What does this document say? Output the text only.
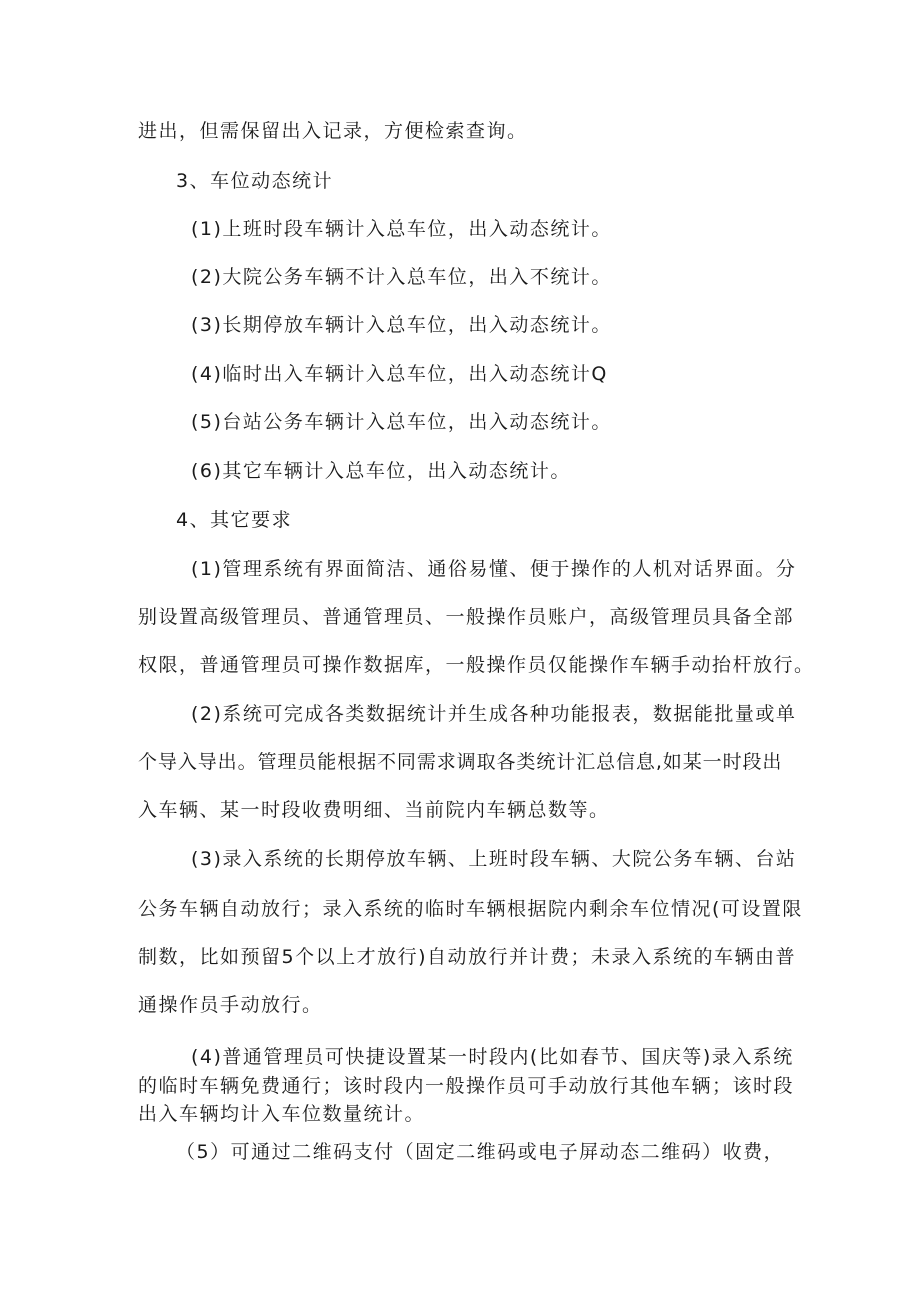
进出，但需保留出入记录，方便检索查询。
3、车位动态统计
(1)上班时段车辆计入总车位，出入动态统计。
(2)大院公务车辆不计入总车位，出入不统计。
(3)长期停放车辆计入总车位，出入动态统计。
(4)临时出入车辆计入总车位，出入动态统计Q
(5)台站公务车辆计入总车位，出入动态统计。
(6)其它车辆计入总车位，出入动态统计。
4、其它要求
(1)管理系统有界面简洁、通俗易懂、便于操作的人机对话界面。分
别设置高级管理员、普通管理员、一般操作员账户，高级管理员具备全部
权限，普通管理员可操作数据库，一般操作员仅能操作车辆手动抬杆放行。
(2)系统可完成各类数据统计并生成各种功能报表，数据能批量或单
个导入导出。管理员能根据不同需求调取各类统计汇总信息,如某一时段出
入车辆、某一时段收费明细、当前院内车辆总数等。
(3)录入系统的长期停放车辆、上班时段车辆、大院公务车辆、台站
公务车辆自动放行；录入系统的临时车辆根据院内剩余车位情况(可设置限
制数，比如预留5个以上才放行)自动放行并计费；未录入系统的车辆由普
通操作员手动放行。
(4)普通管理员可快捷设置某一时段内(比如春节、国庆等)录入系统
的临时车辆免费通行；该时段内一般操作员可手动放行其他车辆；该时段
出入车辆均计入车位数量统计。
（5）可通过二维码支付（固定二维码或电子屏动态二维码）收费，
